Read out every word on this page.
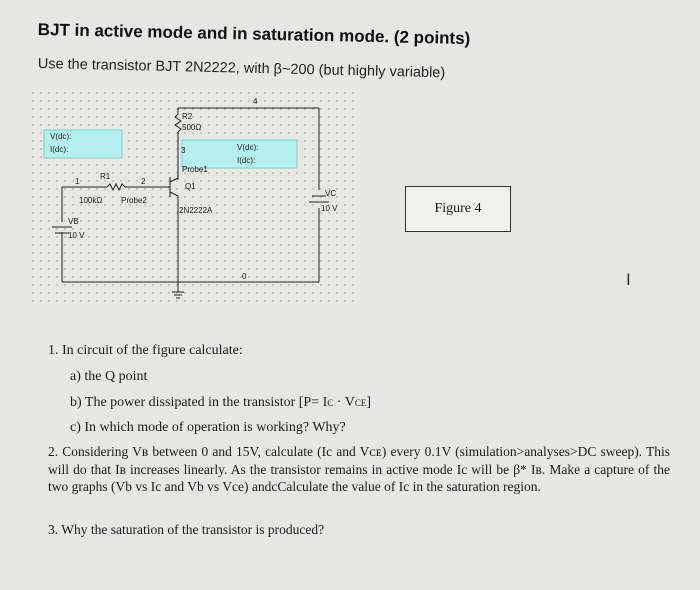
BJT in active mode and in saturation mode. (2 points)
Use the transistor BJT 2N2222, with β~200 (but highly variable)
V(dc):
I(dc):	V(dc):
I(dc):
R2
500Ω
R1
100kΩ Probe2
Probe1
Q1
2N2222A
VC
10 V
VB
10 V
4
1	2
3
0
Figure 4
I
1. In circuit of the figure calculate:
a) the Q point
b) The power dissipated in the transistor [P= IC · VCE]
c) In which mode of operation is working? Why?
2. Considering Vʙ between 0 and 15V, calculate (Ic and Vᴄᴇ) every 0.1V (simulation>analyses>DC sweep). This will do that Iʙ increases linearly. As the transistor remains in active mode Ic will be β* Iʙ. Make a capture of the two graphs (Vb vs Ic and Vb vs Vce) andcCalculate the value of Ic in the saturation region.
3. Why the saturation of the transistor is produced?
